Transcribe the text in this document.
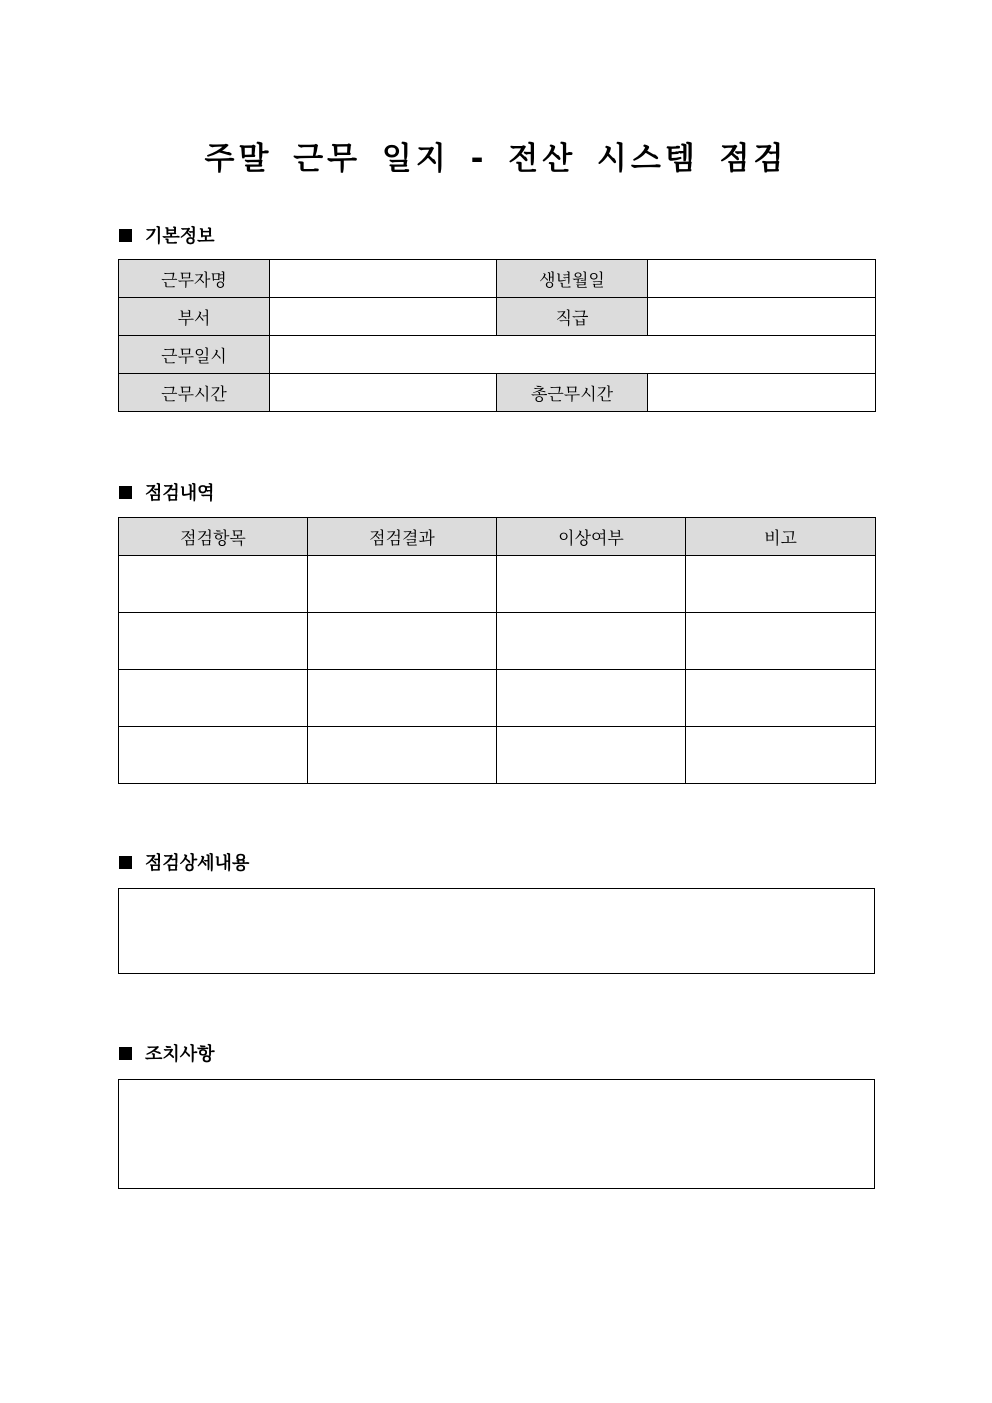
주말 근무 일지 - 전산 시스템 점검
기본정보
근무자명		생년월일	
부서		직급	
근무일시			
근무시간		총근무시간	
점검내역
점검항목	점검결과	이상여부	비고

점검상세내용
조치사항
